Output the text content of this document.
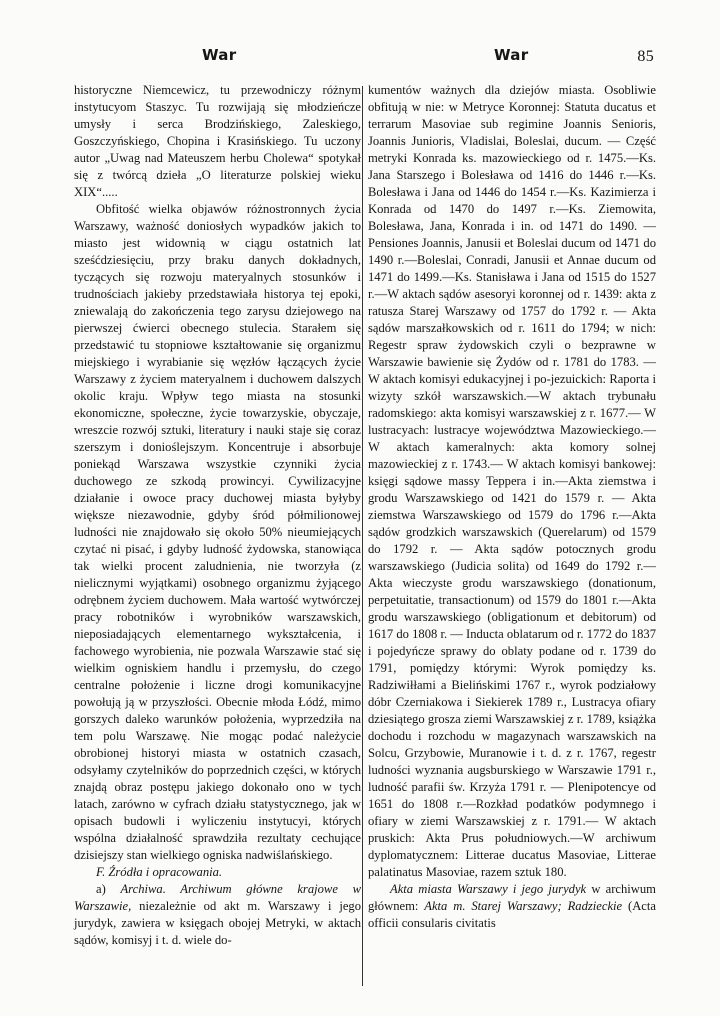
War	War	85

historyczne Niemcewicz, tu przewodniczy różnym instytucyom Staszyc. Tu rozwijają się młodzieńcze umysły i serca Brodzińskiego, Zaleskiego, Goszczyńskiego, Chopina i Krasińskiego. Tu uczony autor „Uwag nad Mateuszem herbu Cholewa“ spotykał się z twórcą dzieła „O literaturze polskiej wieku XIX“.....

Obfitość wielka objawów różnostronnych życia Warszawy, ważność doniosłych wypadków jakich to miasto jest widownią w ciągu ostatnich lat sześćdziesięciu, przy braku danych dokładnych, tyczących się rozwoju materyalnych stosunków i trudnościach jakieby przedstawiała historya tej epoki, zniewalają do zakończenia tego zarysu dziejowego na pierwszej ćwierci obecnego stulecia. Starałem się przedstawić tu stopniowe kształtowanie się organizmu miejskiego i wyrabianie się węzłów łączących życie Warszawy z życiem materyalnem i duchowem dalszych okolic kraju. Wpływ tego miasta na stosunki ekonomiczne, społeczne, życie towarzyskie, obyczaje, wreszcie rozwój sztuki, literatury i nauki staje się coraz szerszym i donioślejszym. Koncentruje i absorbuje poniekąd Warszawa wszystkie czynniki życia duchowego ze szkodą prowincyi. Cywilizacyjne działanie i owoce pracy duchowej miasta byłyby większe niezawodnie, gdyby śród półmilionowej ludności nie znajdowało się około 50% nieumiejących czytać ni pisać, i gdyby ludność żydowska, stanowiąca tak wielki procent zaludnienia, nie tworzyła (z nielicznymi wyjątkami) osobnego organizmu żyjącego odrębnem życiem duchowem. Mała wartość wytwórczej pracy robotników i wyrobników warszawskich, nieposiadających elementarnego wykształcenia, i fachowego wyrobienia, nie pozwala Warszawie stać się wielkim ogniskiem handlu i przemysłu, do czego centralne położenie i liczne drogi komunikacyjne powołują ją w przyszłości. Obecnie młoda Łódź, mimo gorszych daleko warunków położenia, wyprzedziła na tem polu Warszawę. Nie mogąc podać należycie obrobionej historyi miasta w ostatnich czasach, odsyłamy czytelników do poprzednich części, w których znajdą obraz postępu jakiego dokonało ono w tych latach, zarówno w cyfrach działu statystycznego, jak w opisach budowli i wyliczeniu instytucyi, których wspólna działalność sprawdziła rezultaty cechujące dzisiejszy stan wielkiego ogniska nadwiślańskiego.

F. Źródła i opracowania.

a) Archiwa. Archiwum główne krajowe w Warszawie, niezależnie od akt m. Warszawy i jego jurydyk, zawiera w księgach obojej Metryki, w aktach sądów, komisyj i t. d. wiele do-

kumentów ważnych dla dziejów miasta. Osobliwie obfitują w nie: w Metryce Koronnej: Statuta ducatus et terrarum Masoviae sub regimine Joannis Senioris, Joannis Junioris, Vladislai, Boleslai, ducum. — Część metryki Konrada ks. mazowieckiego od r. 1475.—Ks. Jana Starszego i Bolesława od 1416 do 1446 r.—Ks. Bolesława i Jana od 1446 do 1454 r.—Ks. Kazimierza i Konrada od 1470 do 1497 r.—Ks. Ziemowita, Bolesława, Jana, Konrada i in. od 1471 do 1490. — Pensiones Joannis, Janusii et Boleslai ducum od 1471 do 1490 r.—Boleslai, Conradi, Janusii et Annae ducum od 1471 do 1499.—Ks. Stanisława i Jana od 1515 do 1527 r.—W aktach sądów asesoryi koronnej od r. 1439: akta z ratusza Starej Warszawy od 1757 do 1792 r. — Akta sądów marszałkowskich od r. 1611 do 1794; w nich: Regestr spraw żydowskich czyli o bezprawne w Warszawie bawienie się Żydów od r. 1781 do 1783. — W aktach komisyi edukacyjnej i po-jezuickich: Raporta i wizyty szkół warszawskich.—W aktach trybunału radomskiego: akta komisyi warszawskiej z r. 1677.— W lustracyach: lustracye województwa Mazowieckiego.—W aktach kameralnych: akta komory solnej mazowieckiej z r. 1743.— W aktach komisyi bankowej: księgi sądowe massy Teppera i in.—Akta ziemstwa i grodu Warszawskiego od 1421 do 1579 r. — Akta ziemstwa Warszawskiego od 1579 do 1796 r.—Akta sądów grodzkich warszawskich (Querelarum) od 1579 do 1792 r. — Akta sądów potocznych grodu warszawskiego (Judicia solita) od 1649 do 1792 r.—Akta wieczyste grodu warszawskiego (donationum, perpetuitatie, transactionum) od 1579 do 1801 r.—Akta grodu warszawskiego (obligationum et debitorum) od 1617 do 1808 r. — Inducta oblatarum od r. 1772 do 1837 i pojedyńcze sprawy do oblaty podane od r. 1739 do 1791, pomiędzy którymi: Wyrok pomiędzy ks. Radziwiłłami a Bielińskimi 1767 r., wyrok podziałowy dóbr Czerniakowa i Siekierek 1789 r., Lustracya ofiary dziesiątego grosza ziemi Warszawskiej z r. 1789, książka dochodu i rozchodu w magazynach warszawskich na Solcu, Grzybowie, Muranowie i t. d. z r. 1767, regestr ludności wyznania augsburskiego w Warszawie 1791 r., ludność parafii św. Krzyża 1791 r. — Plenipotencye od 1651 do 1808 r.—Rozkład podatków podymnego i ofiary w ziemi Warszawskiej z r. 1791.— W aktach pruskich: Akta Prus południowych.—W archiwum dyplomatycznem: Litterae ducatus Masoviae, Litterae palatinatus Masoviae, razem sztuk 180.

Akta miasta Warszawy i jego jurydyk w archiwum głównem: Akta m. Starej Warszawy; Radzieckie (Acta officii consularis civitatis
